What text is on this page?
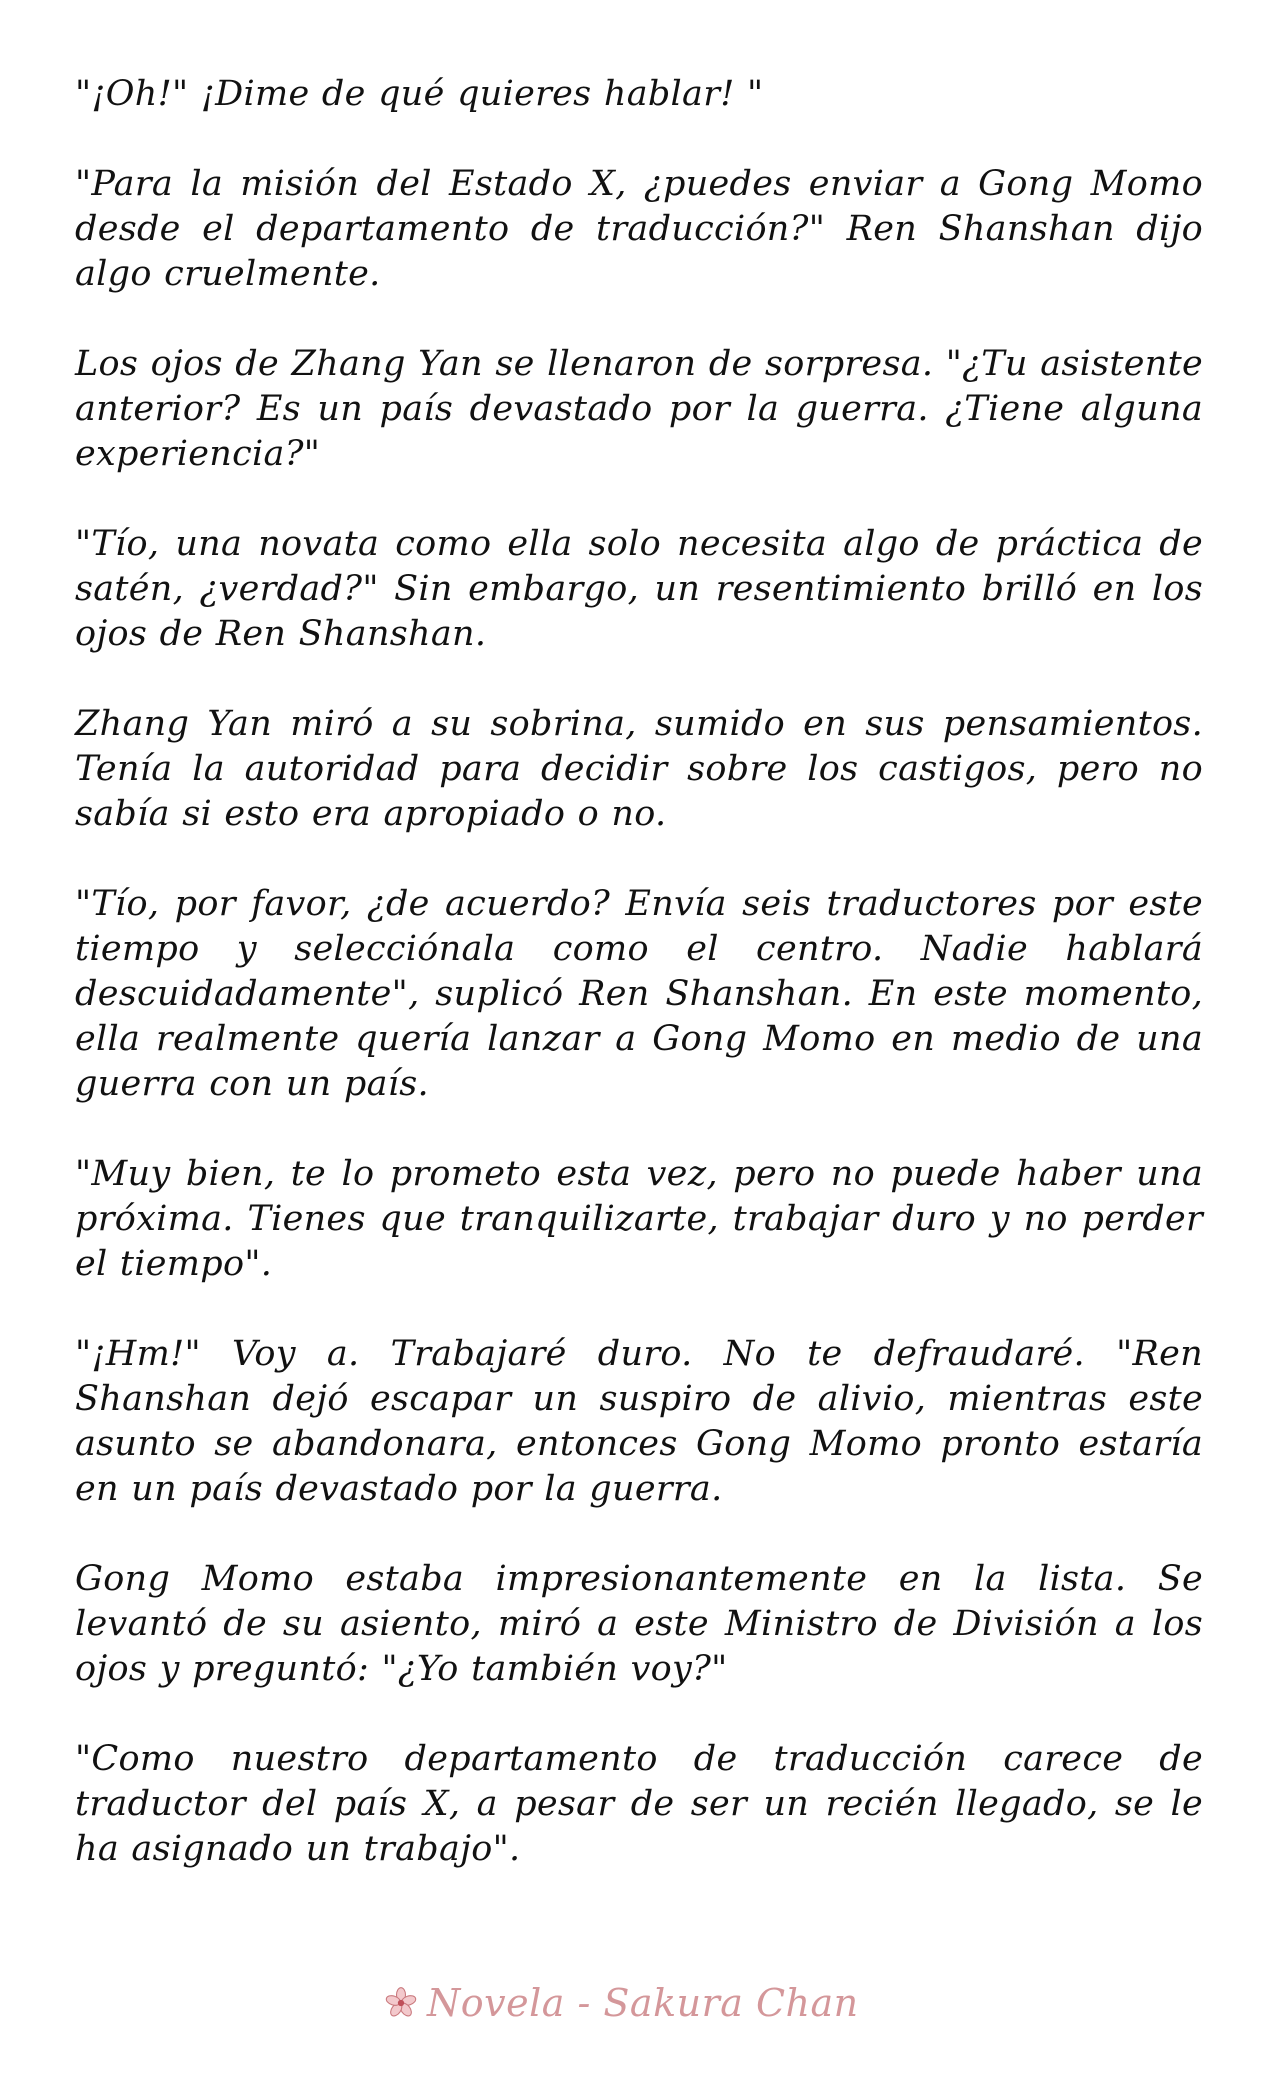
"¡Oh!" ¡Dime de qué quieres hablar! "

"Para la misión del Estado X, ¿puedes enviar a Gong Momo desde el departamento de traducción?" Ren Shanshan dijo algo cruelmente.

Los ojos de Zhang Yan se llenaron de sorpresa. "¿Tu asistente anterior? Es un país devastado por la guerra. ¿Tiene alguna experiencia?"

"Tío, una novata como ella solo necesita algo de práctica de satén, ¿verdad?" Sin embargo, un resentimiento brilló en los ojos de Ren Shanshan.

Zhang Yan miró a su sobrina, sumido en sus pensamientos. Tenía la autoridad para decidir sobre los castigos, pero no sabía si esto era apropiado o no.

"Tío, por favor, ¿de acuerdo? Envía seis traductores por este tiempo y selecciónala como el centro. Nadie hablará descuidadamente", suplicó Ren Shanshan. En este momento, ella realmente quería lanzar a Gong Momo en medio de una guerra con un país.

"Muy bien, te lo prometo esta vez, pero no puede haber una próxima. Tienes que tranquilizarte, trabajar duro y no perder el tiempo".

"¡Hm!" Voy a. Trabajaré duro. No te defraudaré. "Ren Shanshan dejó escapar un suspiro de alivio, mientras este asunto se abandonara, entonces Gong Momo pronto estaría en un país devastado por la guerra.

Gong Momo estaba impresionantemente en la lista. Se levantó de su asiento, miró a este Ministro de División a los ojos y preguntó: "¿Yo también voy?"

"Como nuestro departamento de traducción carece de traductor del país X, a pesar de ser un recién llegado, se le ha asignado un trabajo".

Novela - Sakura Chan
